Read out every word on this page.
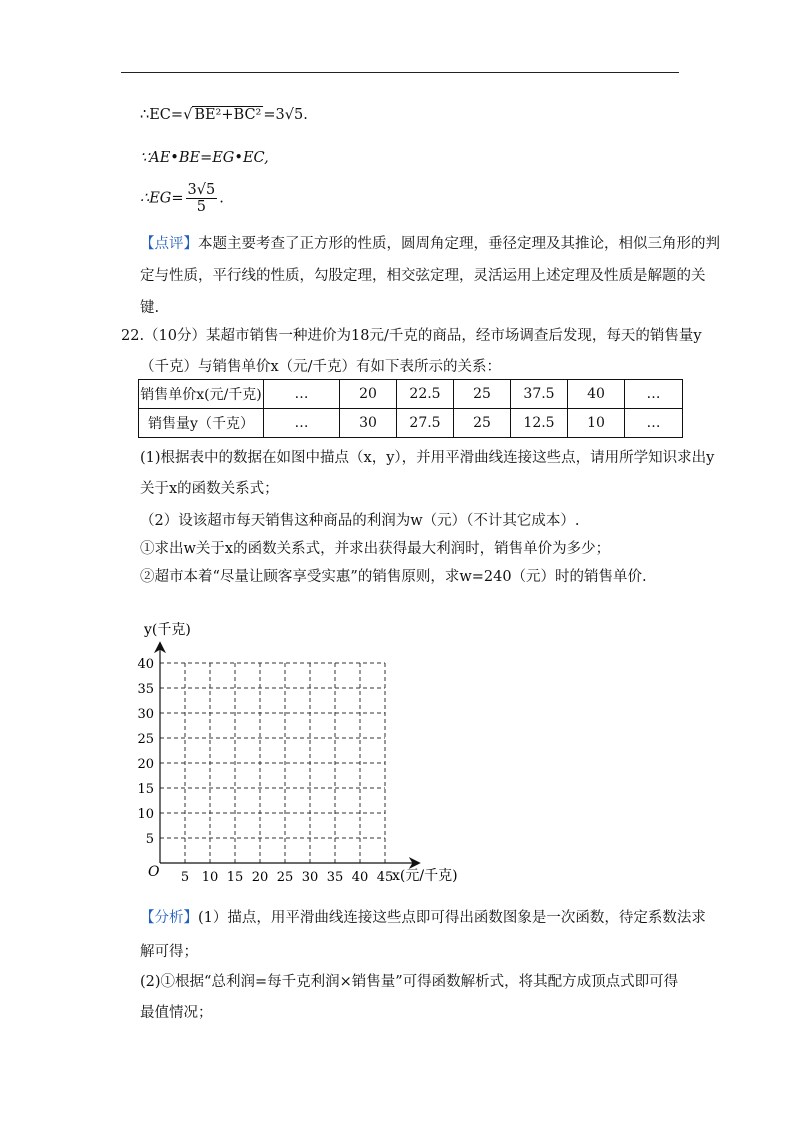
∴EC=√ BE²+BC² =3√5.
∵AE•BE=EG•EC,
∴EG= $\frac{3√5}{5}$ .
【点评】本题主要考查了正方形的性质，圆周角定理，垂径定理及其推论，相似三角形的判
定与性质，平行线的性质，勾股定理，相交弦定理，灵活运用上述定理及性质是解题的关
键.
22.（10分）某超市销售一种进价为18元/千克的商品，经市场调查后发现，每天的销售量y
（千克）与销售单价x（元/千克）有如下表所示的关系：
销售单价x(元/千克)	…	20	22.5	25	37.5	40	…
销售量y（千克）	…	30	27.5	25	12.5	10	…
(1)根据表中的数据在如图中描点（x，y），并用平滑曲线连接这些点，请用所学知识求出y
关于x的函数关系式；
（2）设该超市每天销售这种商品的利润为w（元）（不计其它成本）.
①求出w关于x的函数关系式，并求出获得最大利润时，销售单价为多少；
②超市本着“尽量让顾客享受实惠”的销售原则，求w=240（元）时的销售单价.
5
10
15
20
25
30
35
40
5 10 15 20 25 30 35 40 45
y(千克)
x(元/千克)
O
【分析】(1）描点，用平滑曲线连接这些点即可得出函数图象是一次函数，待定系数法求
解可得；
(2)①根据“总利润=每千克利润×销售量”可得函数解析式，将其配方成顶点式即可得
最值情况；
